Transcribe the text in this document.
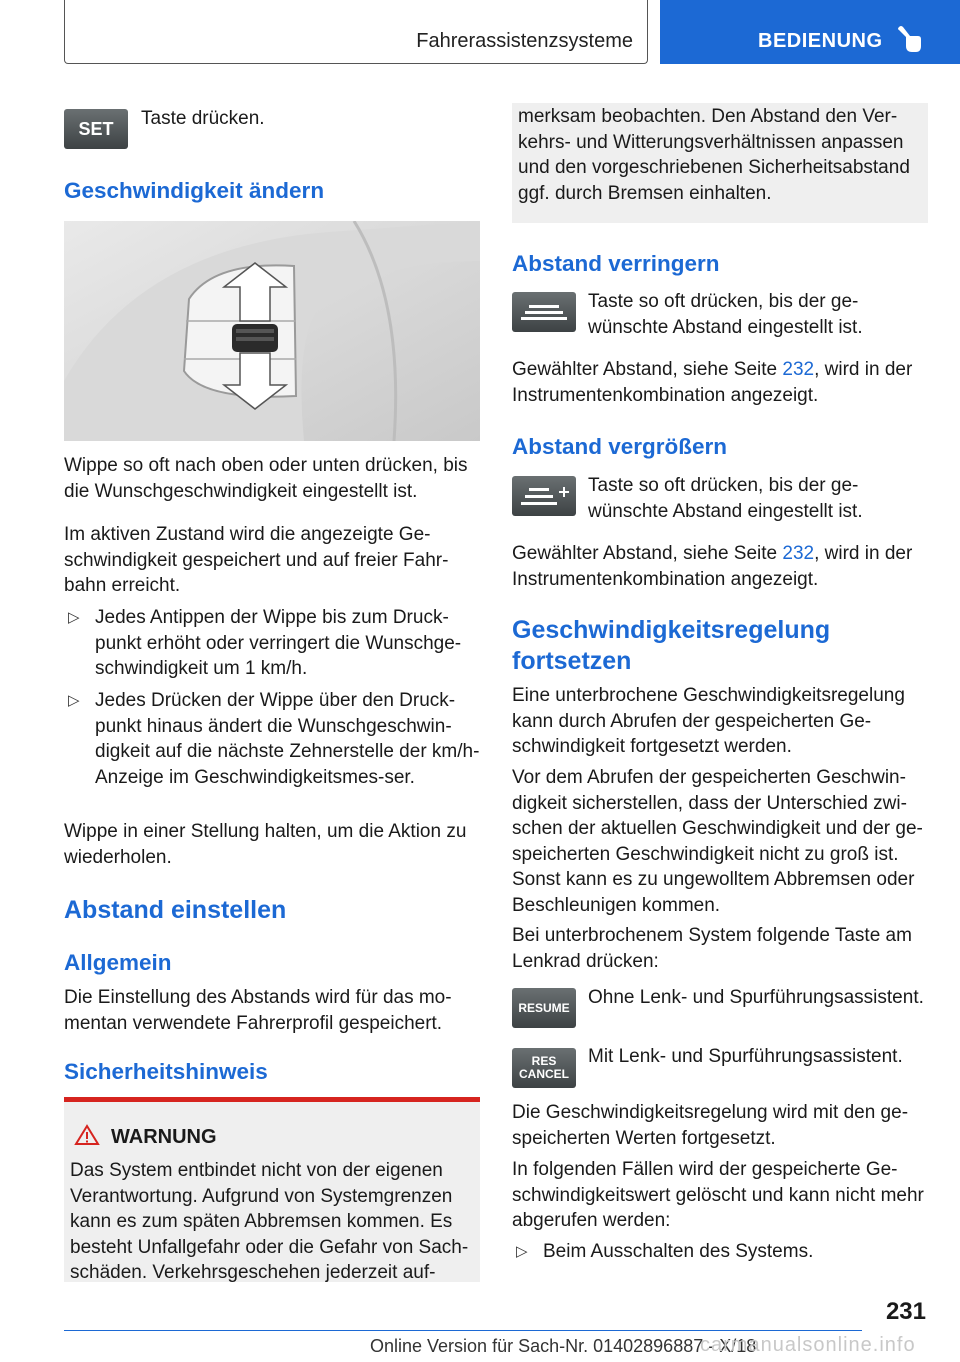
Fahrerassistenzsysteme	BEDIENUNG
SET Taste drücken.

Geschwindigkeit ändern

Wippe so oft nach oben oder unten drücken, bis die Wunschgeschwindigkeit eingestellt ist.

Im aktiven Zustand wird die angezeigte Ge-schwindigkeit gespeichert und auf freier Fahr-bahn erreicht.

▷ Jedes Antippen der Wippe bis zum Druck-punkt erhöht oder verringert die Wunschge-schwindigkeit um 1 km/h.
▷ Jedes Drücken der Wippe über den Druck-punkt hinaus ändert die Wunschgeschwin-digkeit auf die nächste Zehnerstelle der km/h-Anzeige im Geschwindigkeitsmes-ser.

Wippe in einer Stellung halten, um die Aktion zu wiederholen.

Abstand einstellen
Allgemein

Die Einstellung des Abstands wird für das mo-mentan verwendete Fahrerprofil gespeichert.

Sicherheitshinweis
WARNUNG

Das System entbindet nicht von der eigenen Verantwortung. Aufgrund von Systemgrenzen kann es zum späten Abbremsen kommen. Es besteht Unfallgefahr oder die Gefahr von Sach-schäden. Verkehrsgeschehen jederzeit auf-

merksam beobachten. Den Abstand den Ver-kehrs- und Witterungsverhältnissen anpassen und den vorgeschriebenen Sicherheitsabstand ggf. durch Bremsen einhalten.

Abstand verringern

Taste so oft drücken, bis der ge-wünschte Abstand eingestellt ist.

Gewählter Abstand, siehe Seite 232, wird in der Instrumentenkombination angezeigt.

Abstand vergrößern

Taste so oft drücken, bis der ge-wünschte Abstand eingestellt ist.

Gewählter Abstand, siehe Seite 232, wird in der Instrumentenkombination angezeigt.

Geschwindigkeitsregelung fortsetzen

Eine unterbrochene Geschwindigkeitsregelung kann durch Abrufen der gespeicherten Ge-schwindigkeit fortgesetzt werden.

Vor dem Abrufen der gespeicherten Geschwin-digkeit sicherstellen, dass der Unterschied zwi-schen der aktuellen Geschwindigkeit und der ge-speicherten Geschwindigkeit nicht zu groß ist. Sonst kann es zu ungewolltem Abbremsen oder Beschleunigen kommen.

Bei unterbrochenem System folgende Taste am Lenkrad drücken:

RESUME Ohne Lenk- und Spurführungsassistent.

RES
CANCEL

Mit Lenk- und Spurführungsassistent.

Die Geschwindigkeitsregelung wird mit den ge-speicherten Werten fortgesetzt.

In folgenden Fällen wird der gespeicherte Ge-schwindigkeitswert gelöscht und kann nicht mehr abgerufen werden:

▷ Beim Ausschalten des Systems.
231
Online Version für Sach-Nr. 01402896887 - X/18
carmanualsonline.info
